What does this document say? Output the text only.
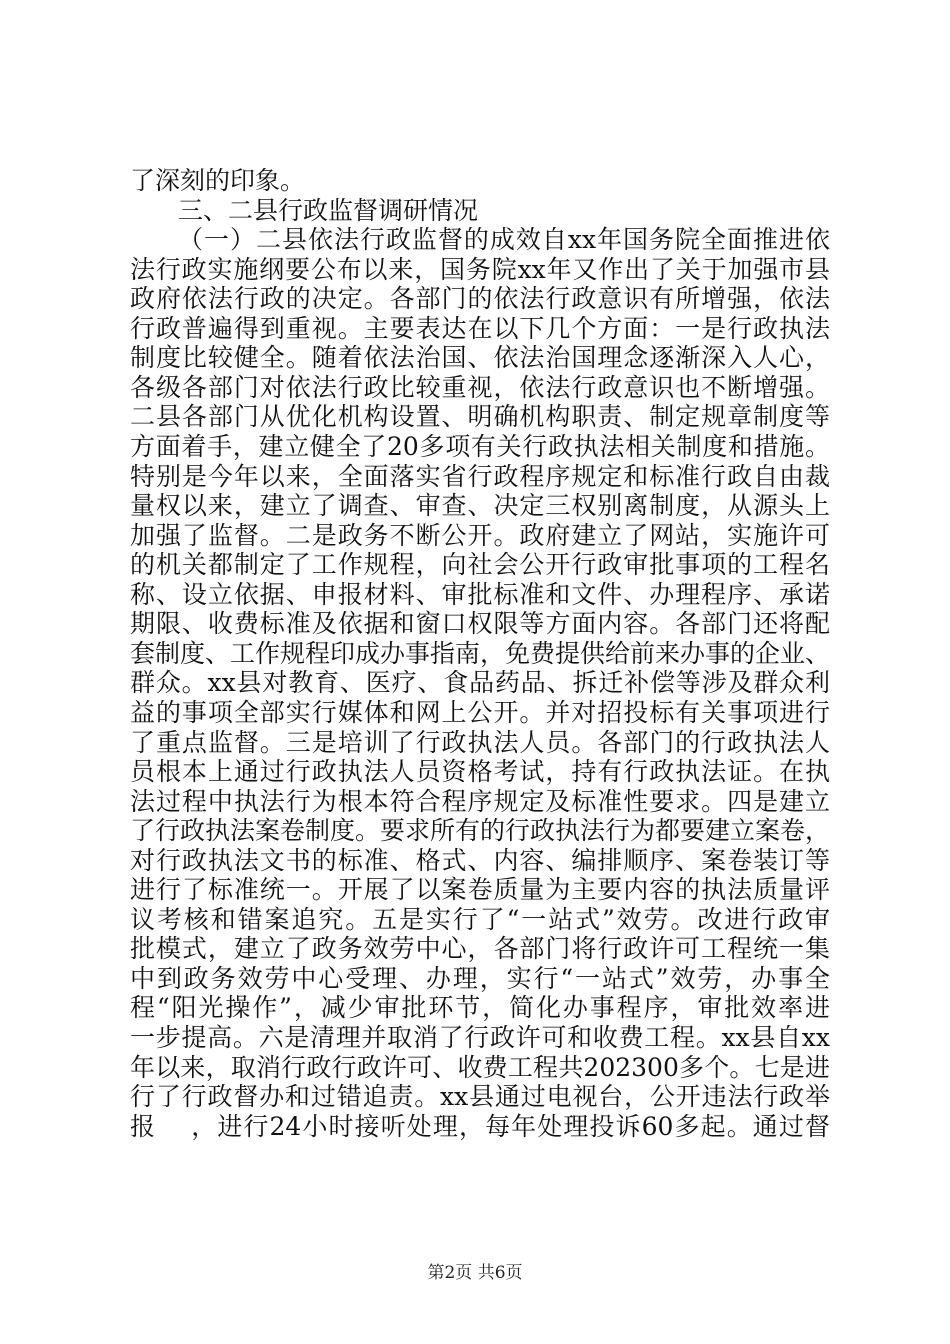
了深刻的印象。
三、二县行政监督调研情况
（一）二县依法行政监督的成效自xx年国务院全面推进依
法行政实施纲要公布以来，国务院xx年又作出了关于加强市县
政府依法行政的决定。各部门的依法行政意识有所增强，依法
行政普遍得到重视。主要表达在以下几个方面：一是行政执法
制度比较健全。随着依法治国、依法治国理念逐渐深入人心，
各级各部门对依法行政比较重视，依法行政意识也不断增强。
二县各部门从优化机构设置、明确机构职责、制定规章制度等
方面着手，建立健全了20多项有关行政执法相关制度和措施。
特别是今年以来，全面落实省行政程序规定和标准行政自由裁
量权以来，建立了调查、审查、决定三权别离制度，从源头上
加强了监督。二是政务不断公开。政府建立了网站，实施许可
的机关都制定了工作规程，向社会公开行政审批事项的工程名
称、设立依据、申报材料、审批标准和文件、办理程序、承诺
期限、收费标准及依据和窗口权限等方面内容。各部门还将配
套制度、工作规程印成办事指南，免费提供给前来办事的企业、
群众。xx县对教育、医疗、食品药品、拆迁补偿等涉及群众利
益的事项全部实行媒体和网上公开。并对招投标有关事项进行
了重点监督。三是培训了行政执法人员。各部门的行政执法人
员根本上通过行政执法人员资格考试，持有行政执法证。在执
法过程中执法行为根本符合程序规定及标准性要求。四是建立
了行政执法案卷制度。要求所有的行政执法行为都要建立案卷，
对行政执法文书的标准、格式、内容、编排顺序、案卷装订等
进行了标准统一。开展了以案卷质量为主要内容的执法质量评
议考核和错案追究。五是实行了“一站式”效劳。改进行政审
批模式，建立了政务效劳中心，各部门将行政许可工程统一集
中到政务效劳中心受理、办理，实行“一站式”效劳，办事全
程“阳光操作”，减少审批环节，简化办事程序，审批效率进
一步提高。六是清理并取消了行政许可和收费工程。xx县自xx
年以来，取消行政行政许可、收费工程共202300多个。七是进
行了行政督办和过错追责。xx县通过电视台，公开违法行政举
报　 ，进行24小时接听处理，每年处理投诉60多起。通过督
第2页 共6页
